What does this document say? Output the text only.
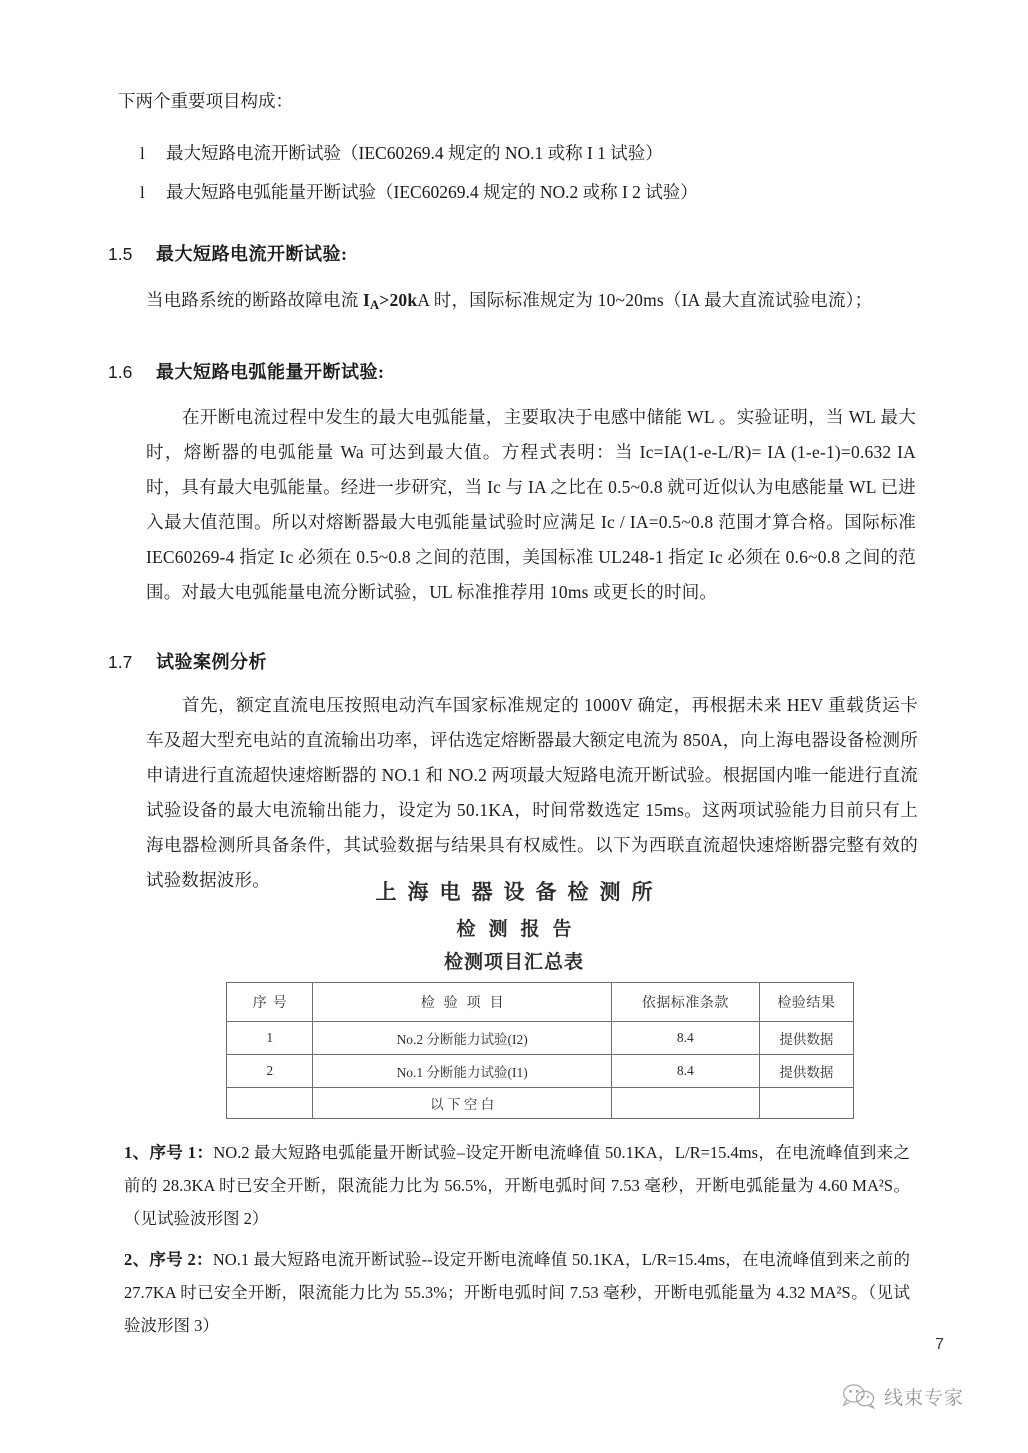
下两个重要项目构成：
l	最大短路电流开断试验（IEC60269.4 规定的 NO.1 或称 I 1 试验）
l	最大短路电弧能量开断试验（IEC60269.4 规定的 NO.2 或称 I 2 试验）
1.5	最大短路电流开断试验:
当电路系统的断路故障电流 $I_A>20kA$ 时，国际标准规定为 10~20ms（IA 最大直流试验电流）；
1.6	最大短路电弧能量开断试验:
在开断电流过程中发生的最大电弧能量，主要取决于电感中储能 WL 。实验证明，当 WL 最大时，熔断器的电弧能量 Wa 可达到最大值。方程式表明：当 Ic=IA(1-e-L/R)= IA (1-e-1)=0.632 IA 时，具有最大电弧能量。经进一步研究，当 Ic 与 IA 之比在 0.5~0.8 就可近似认为电感能量 WL 已进入最大值范围。所以对熔断器最大电弧能量试验时应满足 Ic / IA=0.5~0.8 范围才算合格。国际标准 IEC60269-4 指定 Ic 必须在 0.5~0.8 之间的范围，美国标准 UL248-1 指定 Ic 必须在 0.6~0.8 之间的范围。对最大电弧能量电流分断试验，UL 标准推荐用 10ms 或更长的时间。
1.7	试验案例分析
首先，额定直流电压按照电动汽车国家标准规定的 1000V 确定，再根据未来 HEV 重载货运卡车及超大型充电站的直流输出功率，评估选定熔断器最大额定电流为 850A，向上海电器设备检测所申请进行直流超快速熔断器的 NO.1 和 NO.2 两项最大短路电流开断试验。根据国内唯一能进行直流试验设备的最大电流输出能力，设定为 50.1KA，时间常数选定 15ms。这两项试验能力目前只有上海电器检测所具备条件，其试验数据与结果具有权威性。以下为西联直流超快速熔断器完整有效的试验数据波形。	上海电器设备检测所
检测报告
检测项目汇总表
序号	检验项目	依据标准条款	检验结果
1	No.2 分断能力试验(I2)	8.4	提供数据
2	No.1 分断能力试验(I1)	8.4	提供数据
	以 下 空 白		
1、序号 1：NO.2 最大短路电弧能量开断试验–设定开断电流峰值 50.1KA，L/R=15.4ms，在电流峰值到来之前的 28.3KA 时已安全开断，限流能力比为 56.5%，开断电弧时间 7.53 毫秒，开断电弧能量为 4.60 MA²S。（见试验波形图 2）
2、序号 2：NO.1 最大短路电流开断试验--设定开断电流峰值 50.1KA，L/R=15.4ms，在电流峰值到来之前的 27.7KA 时已安全开断，限流能力比为 55.3%；开断电弧时间 7.53 毫秒，开断电弧能量为 4.32 MA²S。（见试验波形图 3）
7
线束专家
